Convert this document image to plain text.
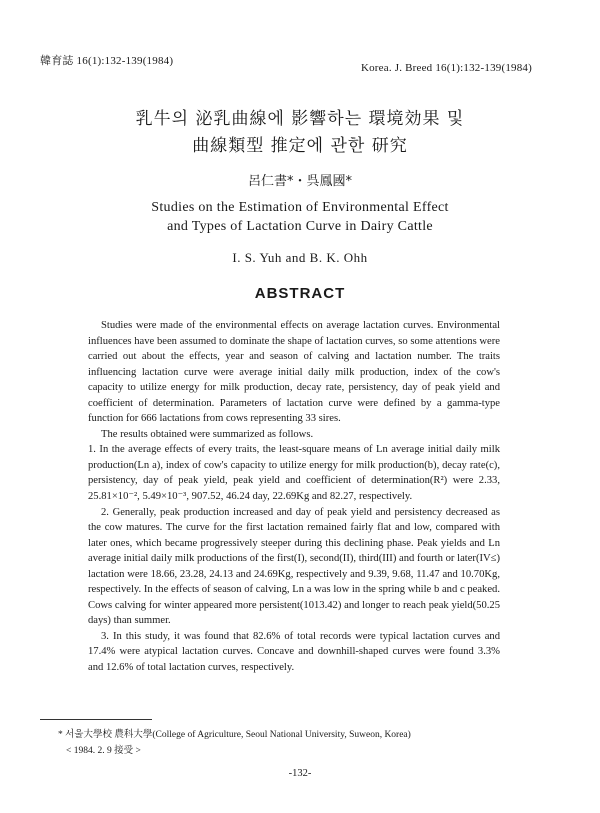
韓育誌 16(1):132-139(1984)
Korea. J. Breed 16(1):132-139(1984)
乳牛의 泌乳曲線에 影響하는 環境効果 및
曲線類型 推定에 관한 研究
呂仁書*・呉鳳國*
Studies on the Estimation of Environmental Effect
and Types of Lactation Curve in Dairy Cattle
I. S. Yuh and B. K. Ohh
ABSTRACT

Studies were made of the environmental effects on average lactation curves. Environmental influences have been assumed to dominate the shape of lactation curves, so some attentions were carried out about the effects, year and season of calving and lactation number. The traits influencing lactation curve were average initial daily milk production, index of the cow's capacity to utilize energy for milk production, decay rate, persistency, day of peak yield and coefficient of determination. Parameters of lactation curve were defined by a gamma-type function for 666 lactations from cows representing 33 sires.

The results obtained were summarized as follows.

1. In the average effects of every traits, the least-square means of Ln average initial daily milk production(Ln a), index of cow's capacity to utilize energy for milk production(b), decay rate(c), persistency, day of peak yield, peak yield and coefficient of determination(R²) were 2.33, 25.81×10⁻², 5.49×10⁻³, 907.52, 46.24 day, 22.69Kg and 82.27, respectively.

2. Generally, peak production increased and day of peak yield and persistency decreased as the cow matures. The curve for the first lactation remained fairly flat and low, compared with later ones, which became progressively steeper during this declining phase. Peak yields and Ln average initial daily milk productions of the first(I), second(II), third(III) and fourth or later(IV≤) lactation were 18.66, 23.28, 24.13 and 24.69Kg, respectively and 9.39, 9.68, 11.47 and 10.70Kg, respectively. In the effects of season of calving, Ln a was low in the spring while b and c peaked. Cows calving for winter appeared more persistent(1013.42) and longer to reach peak yield(50.25 days) than summer.

3. In this study, it was found that 82.6% of total records were typical lactation curves and 17.4% were atypical lactation curves. Concave and downhill-shaped curves were found 3.3% and 12.6% of total lactation curves, respectively.

* 서울大學校 農科大學(College of Agriculture, Seoul National University, Suweon, Korea)
< 1984. 2. 9 接受 >
-132-
